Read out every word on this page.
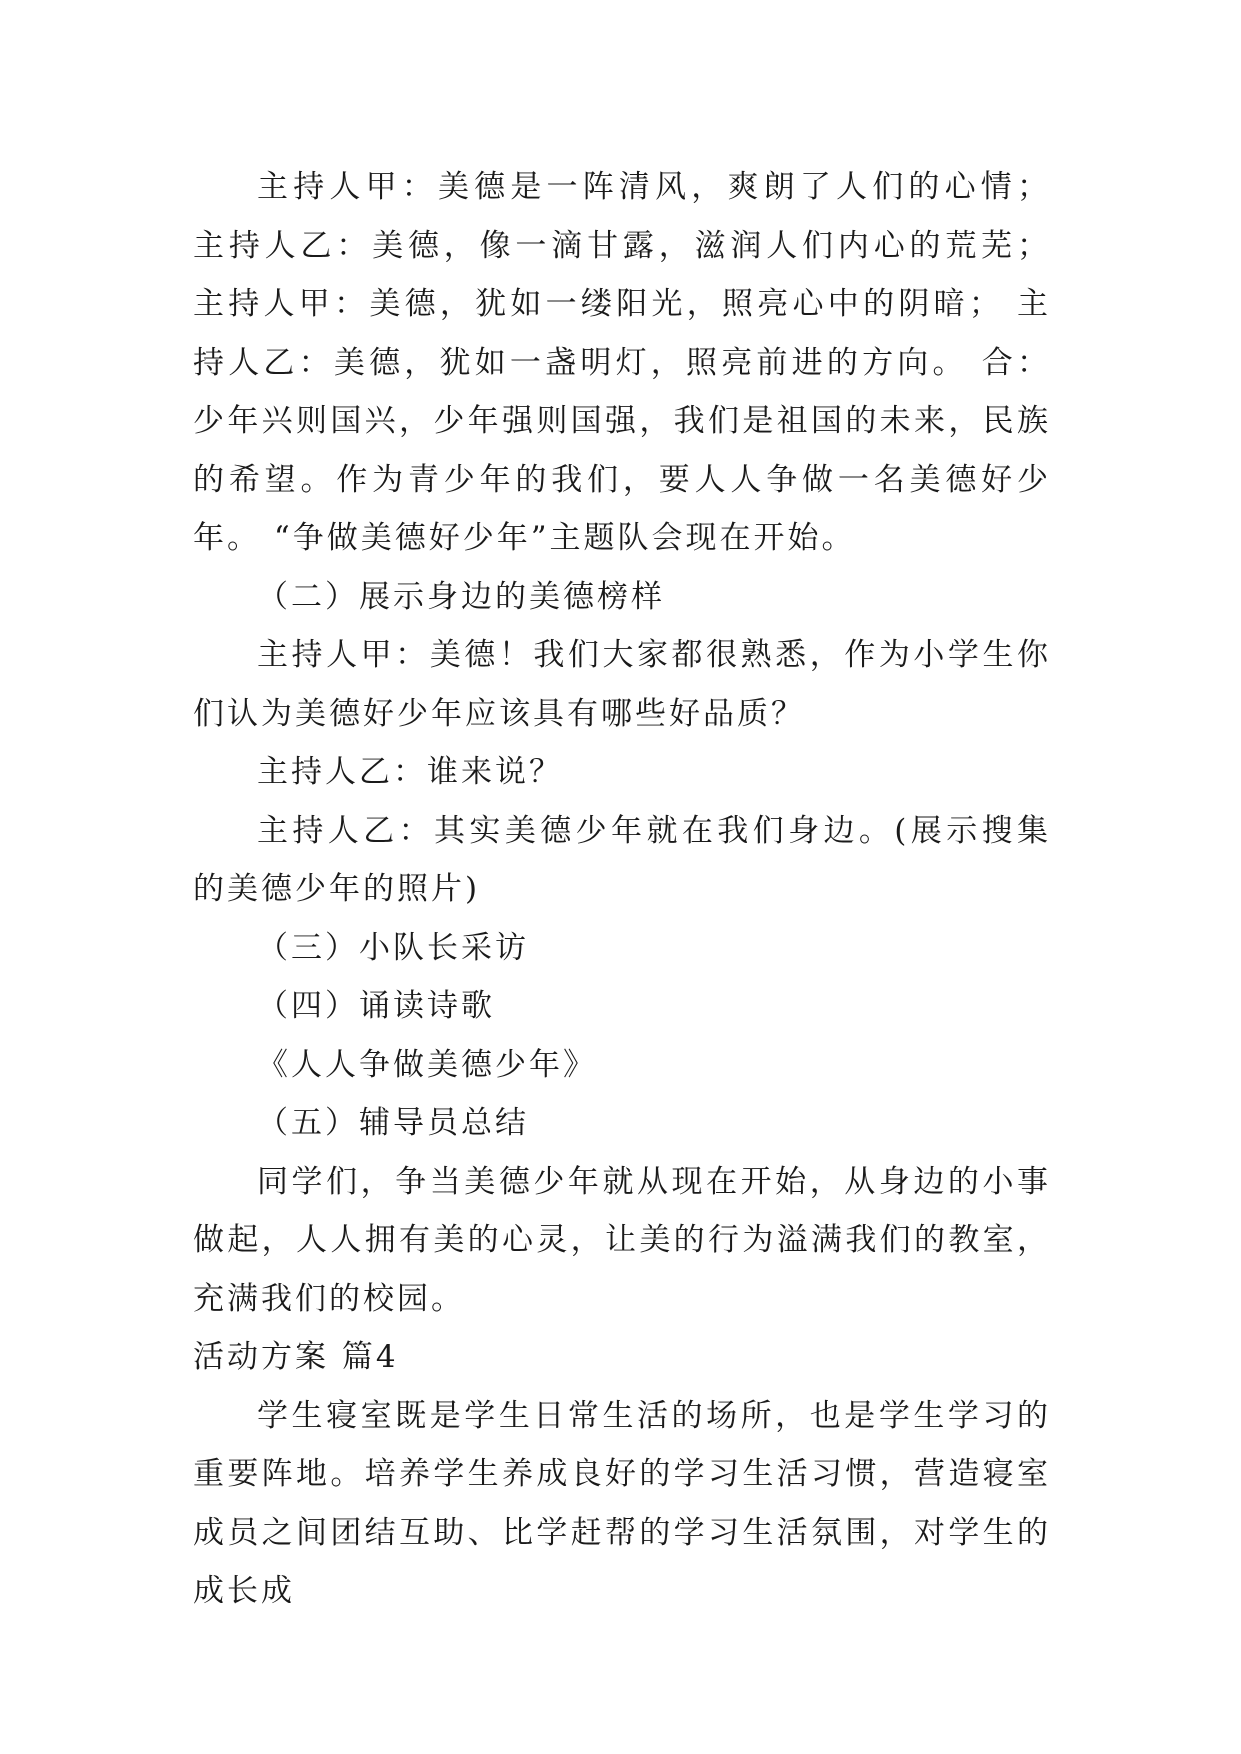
主持人甲：美德是一阵清风，爽朗了人们的心情； 主持人乙：美德，像一滴甘露，滋润人们内心的荒芜； 主持人甲：美德，犹如一缕阳光，照亮心中的阴暗； 主持人乙：美德，犹如一盏明灯，照亮前进的方向。 合：少年兴则国兴，少年强则国强，我们是祖国的未来，民族的希望。作为青少年的我们，要人人争做一名美德好少年。 “争做美德好少年”主题队会现在开始。

（二）展示身边的美德榜样

主持人甲：美德！我们大家都很熟悉，作为小学生你们认为美德好少年应该具有哪些好品质？

主持人乙：谁来说？

主持人乙：其实美德少年就在我们身边。(展示搜集的美德少年的照片)

（三）小队长采访

（四）诵读诗歌

《人人争做美德少年》

（五）辅导员总结

同学们，争当美德少年就从现在开始，从身边的小事做起，人人拥有美的心灵，让美的行为溢满我们的教室，充满我们的校园。

活动方案 篇4

学生寝室既是学生日常生活的场所，也是学生学习的重要阵地。培养学生养成良好的学习生活习惯，营造寝室成员之间团结互助、比学赶帮的学习生活氛围，对学生的成长成
